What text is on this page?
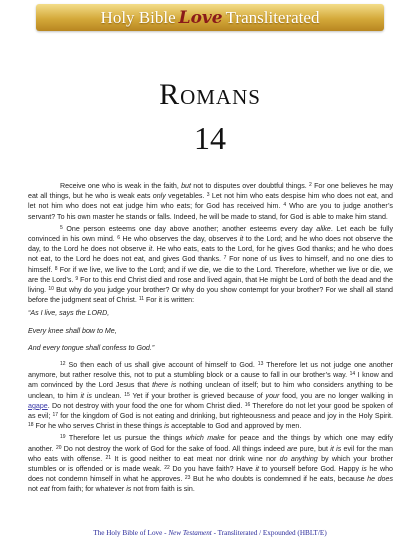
Holy Bible Love Transliterated
Romans
14

Receive one who is weak in the faith, but not to disputes over doubtful things. $^2$ For one believes he may eat all things, but he who is weak eats only vegetables. $^3$ Let not him who eats despise him who does not eat, and let not him who does not eat judge him who eats; for God has received him. $^4$ Who are you to judge another’s servant? To his own master he stands or falls. Indeed, he will be made to stand, for God is able to make him stand.

$^5$ One person esteems one day above another; another esteems every day alike. Let each be fully convinced in his own mind. $^6$ He who observes the day, observes it to the Lord; and he who does not observe the day, to the Lord he does not observe it. He who eats, eats to the Lord, for he gives God thanks; and he who does not eat, to the Lord he does not eat, and gives God thanks. $^7$ For none of us lives to himself, and no one dies to himself. $^8$ For if we live, we live to the Lord; and if we die, we die to the Lord. Therefore, whether we live or die, we are the Lord’s. $^9$ For to this end Christ died and rose and lived again, that He might be Lord of both the dead and the living. $^{10}$ But why do you judge your brother? Or why do you show contempt for your brother? For we shall all stand before the judgment seat of Christ. $^{11}$ For it is written:

“As I live, says the LORD,

Every knee shall bow to Me,

And every tongue shall confess to God.”

$^{12}$ So then each of us shall give account of himself to God. $^{13}$ Therefore let us not judge one another anymore, but rather resolve this, not to put a stumbling block or a cause to fall in our brother’s way. $^{14}$ I know and am convinced by the Lord Jesus that there is nothing unclean of itself; but to him who considers anything to be unclean, to him it is unclean. $^{15}$ Yet if your brother is grieved because of your food, you are no longer walking in agape. Do not destroy with your food the one for whom Christ died. $^{16}$ Therefore do not let your good be spoken of as evil; $^{17}$ for the kingdom of God is not eating and drinking, but righteousness and peace and joy in the Holy Spirit. $^{18}$ For he who serves Christ in these things is acceptable to God and approved by men.

$^{19}$ Therefore let us pursue the things which make for peace and the things by which one may edify another. $^{20}$ Do not destroy the work of God for the sake of food. All things indeed are pure, but it is evil for the man who eats with offense. $^{21}$ It is good neither to eat meat nor drink wine nor do anything by which your brother stumbles or is offended or is made weak. $^{22}$ Do you have faith? Have it to yourself before God. Happy is he who does not condemn himself in what he approves. $^{23}$ But he who doubts is condemned if he eats, because he does not eat from faith; for whatever is not from faith is sin.

The Holy Bible of Love - New Testament - Transliterated / Expounded (HBLT/E)
